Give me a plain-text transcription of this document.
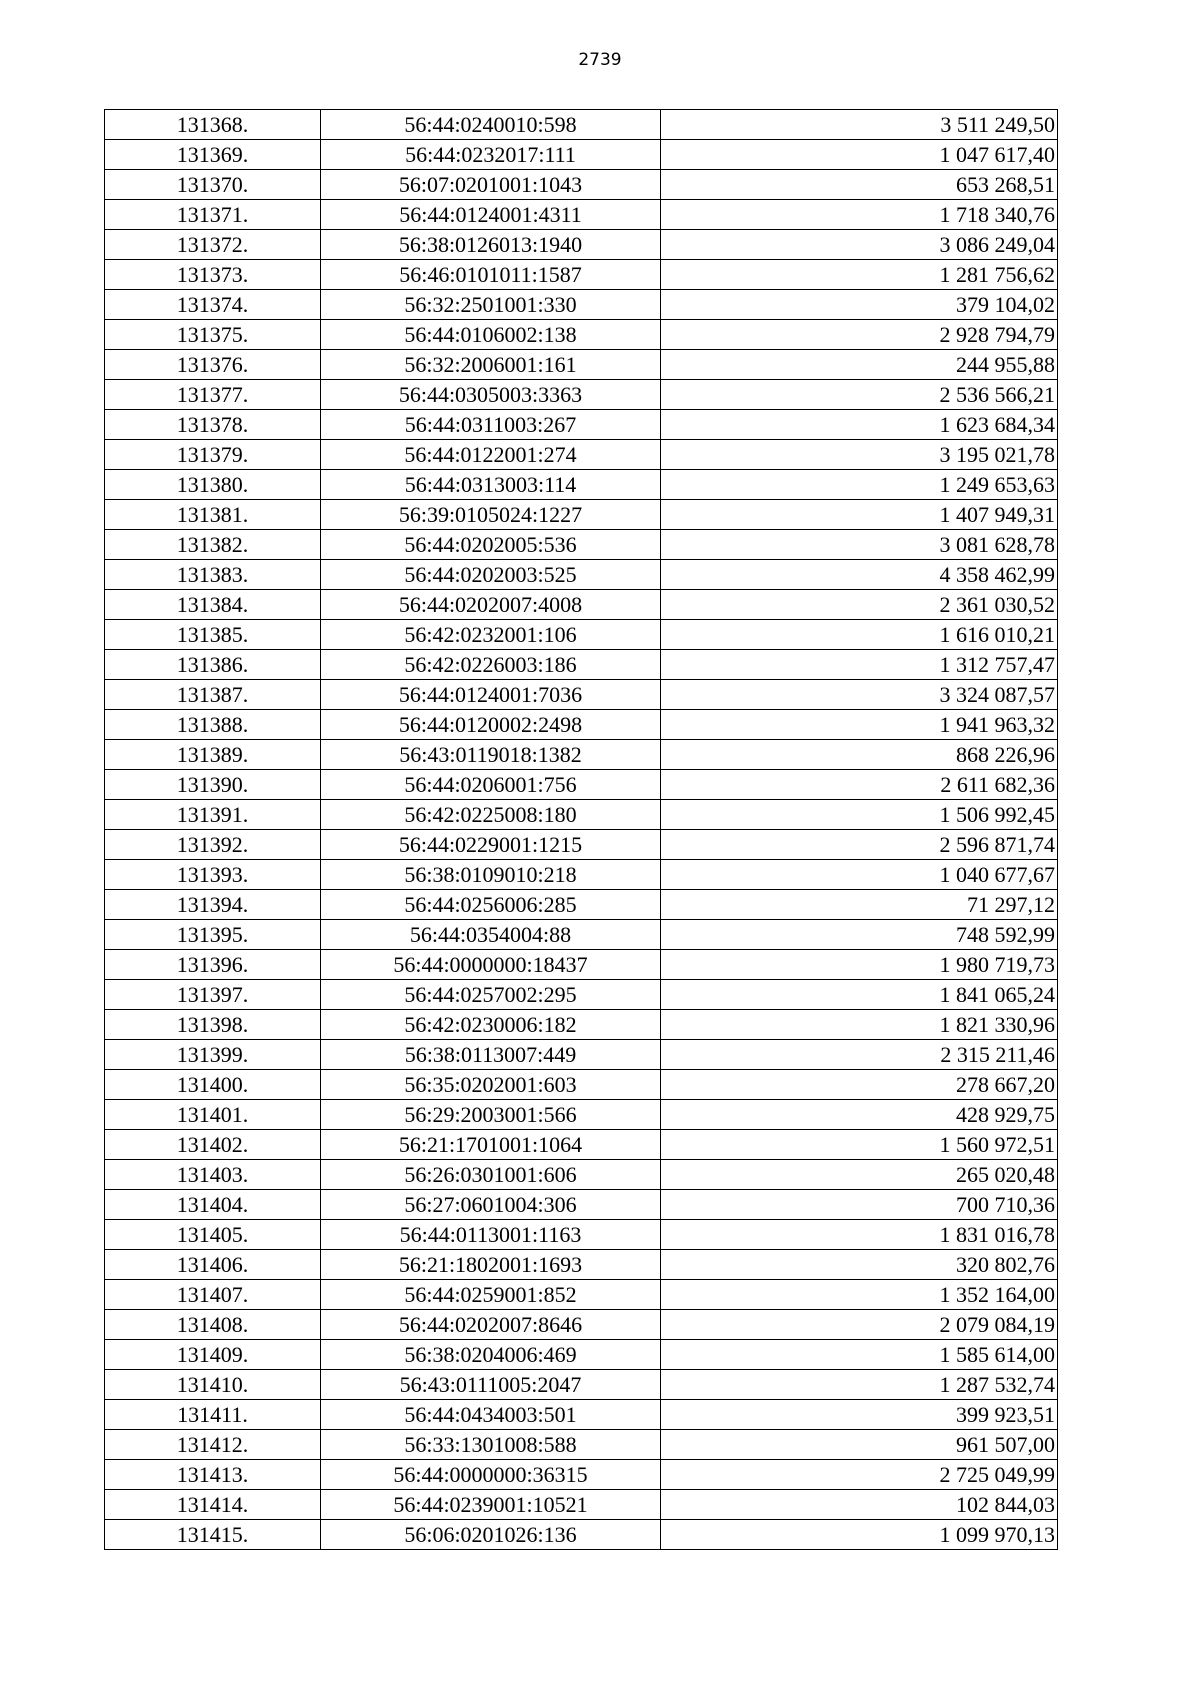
2739
131368.	56:44:0240010:598	3 511 249,50
131369.	56:44:0232017:111	1 047 617,40
131370.	56:07:0201001:1043	653 268,51
131371.	56:44:0124001:4311	1 718 340,76
131372.	56:38:0126013:1940	3 086 249,04
131373.	56:46:0101011:1587	1 281 756,62
131374.	56:32:2501001:330	379 104,02
131375.	56:44:0106002:138	2 928 794,79
131376.	56:32:2006001:161	244 955,88
131377.	56:44:0305003:3363	2 536 566,21
131378.	56:44:0311003:267	1 623 684,34
131379.	56:44:0122001:274	3 195 021,78
131380.	56:44:0313003:114	1 249 653,63
131381.	56:39:0105024:1227	1 407 949,31
131382.	56:44:0202005:536	3 081 628,78
131383.	56:44:0202003:525	4 358 462,99
131384.	56:44:0202007:4008	2 361 030,52
131385.	56:42:0232001:106	1 616 010,21
131386.	56:42:0226003:186	1 312 757,47
131387.	56:44:0124001:7036	3 324 087,57
131388.	56:44:0120002:2498	1 941 963,32
131389.	56:43:0119018:1382	868 226,96
131390.	56:44:0206001:756	2 611 682,36
131391.	56:42:0225008:180	1 506 992,45
131392.	56:44:0229001:1215	2 596 871,74
131393.	56:38:0109010:218	1 040 677,67
131394.	56:44:0256006:285	71 297,12
131395.	56:44:0354004:88	748 592,99
131396.	56:44:0000000:18437	1 980 719,73
131397.	56:44:0257002:295	1 841 065,24
131398.	56:42:0230006:182	1 821 330,96
131399.	56:38:0113007:449	2 315 211,46
131400.	56:35:0202001:603	278 667,20
131401.	56:29:2003001:566	428 929,75
131402.	56:21:1701001:1064	1 560 972,51
131403.	56:26:0301001:606	265 020,48
131404.	56:27:0601004:306	700 710,36
131405.	56:44:0113001:1163	1 831 016,78
131406.	56:21:1802001:1693	320 802,76
131407.	56:44:0259001:852	1 352 164,00
131408.	56:44:0202007:8646	2 079 084,19
131409.	56:38:0204006:469	1 585 614,00
131410.	56:43:0111005:2047	1 287 532,74
131411.	56:44:0434003:501	399 923,51
131412.	56:33:1301008:588	961 507,00
131413.	56:44:0000000:36315	2 725 049,99
131414.	56:44:0239001:10521	102 844,03
131415.	56:06:0201026:136	1 099 970,13
